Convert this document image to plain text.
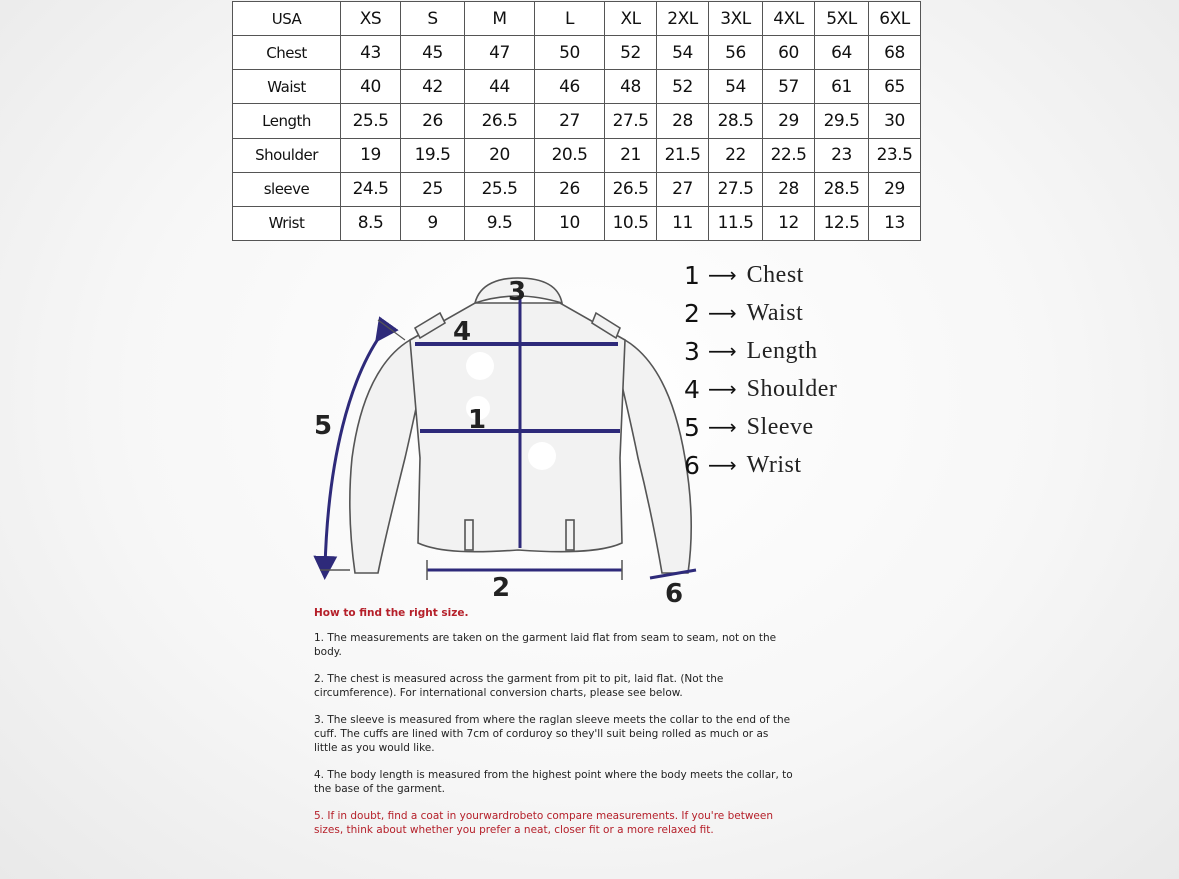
USA	XS	S	M	L	XL	2XL	3XL	4XL	5XL	6XL
Chest	43	45	47	50	52	54	56	60	64	68
Waist	40	42	44	46	48	52	54	57	61	65
Length	25.5	26	26.5	27	27.5	28	28.5	29	29.5	30
Shoulder	19	19.5	20	20.5	21	21.5	22	22.5	23	23.5
sleeve	24.5	25	25.5	26	26.5	27	27.5	28	28.5	29
Wrist	8.5	9	9.5	10	10.5	11	11.5	12	12.5	13
1
2
3
4
5
6
1 ⟶ Chest
2 ⟶ Waist
3 ⟶ Length
4 ⟶ Shoulder
5 ⟶ Sleeve
6 ⟶ Wrist
How to find the right size.

1. The measurements are taken on the garment laid flat from seam to seam, not on the body.

2. The chest is measured across the garment from pit to pit, laid flat. (Not the circumference). For international conversion charts, please see below.

3. The sleeve is measured from where the raglan sleeve meets the collar to the end of the cuff. The cuffs are lined with 7cm of corduroy so they'll suit being rolled as much or as little as you would like.

4. The body length is measured from the highest point where the body meets the collar, to the base of the garment.

5. If in doubt, find a coat in yourwardrobeto compare measurements. If you're between sizes, think about whether you prefer a neat, closer fit or a more relaxed fit.
